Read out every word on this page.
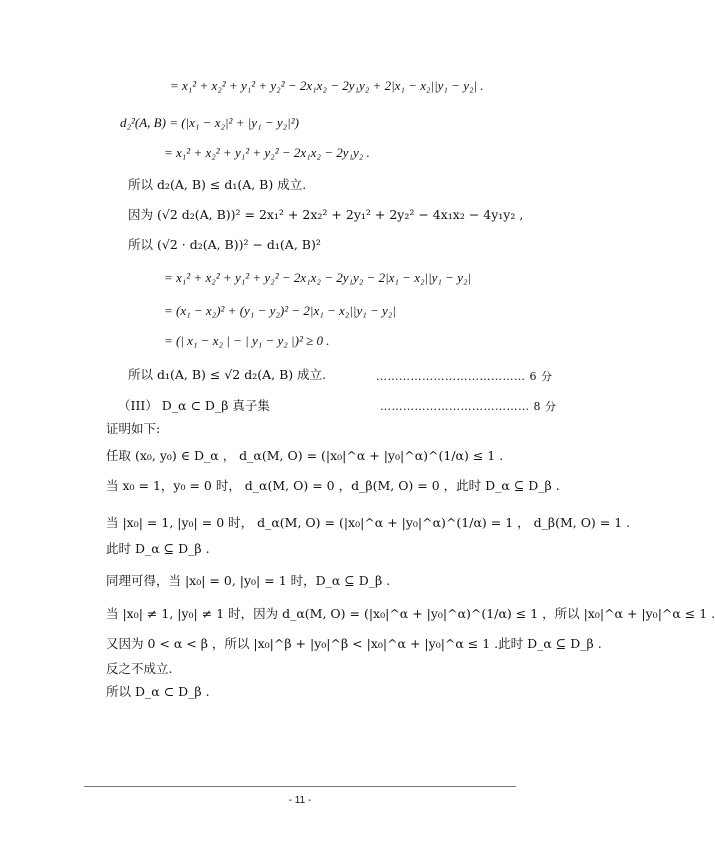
= x₁² + x₂² + y₁² + y₂² − 2x₁x₂ − 2y₁y₂ + 2|x₁ − x₂||y₁ − y₂| .
d₂²(A, B) = (|x₁ − x₂|² + |y₁ − y₂|²)
= x₁² + x₂² + y₁² + y₂² − 2x₁x₂ − 2y₁y₂ .
所以 d₂(A, B) ≤ d₁(A, B) 成立.
因为 (√2 d₂(A, B))² = 2x₁² + 2x₂² + 2y₁² + 2y₂² − 4x₁x₂ − 4y₁y₂ ,
所以 (√2 · d₂(A, B))² − d₁(A, B)²
= x₁² + x₂² + y₁² + y₂² − 2x₁x₂ − 2y₁y₂ − 2|x₁ − x₂||y₁ − y₂|
= (x₁ − x₂)² + (y₁ − y₂)² − 2|x₁ − x₂||y₁ − y₂|
= (| x₁ − x₂ | − | y₁ − y₂ |)² ≥ 0 .
所以 d₁(A, B) ≤ √2 d₂(A, B) 成立.	………………………………… 6 分
（III） D_α ⊂ D_β 真子集	………………………………… 8 分
证明如下:
任取 (x₀, y₀) ∈ D_α ， d_α(M, O) = (|x₀|^α + |y₀|^α)^(1/α) ≤ 1 .
当 x₀ = 1，y₀ = 0 时， d_α(M, O) = 0 ，d_β(M, O) = 0 ，此时 D_α ⊆ D_β .
当 |x₀| = 1, |y₀| = 0 时， d_α(M, O) = (|x₀|^α + |y₀|^α)^(1/α) = 1 ， d_β(M, O) = 1 .
此时 D_α ⊆ D_β .
同理可得，当 |x₀| = 0, |y₀| = 1 时，D_α ⊆ D_β .
当 |x₀| ≠ 1, |y₀| ≠ 1 时，因为 d_α(M, O) = (|x₀|^α + |y₀|^α)^(1/α) ≤ 1 ，所以 |x₀|^α + |y₀|^α ≤ 1 .
又因为 0 < α < β ，所以 |x₀|^β + |y₀|^β < |x₀|^α + |y₀|^α ≤ 1 .此时 D_α ⊆ D_β .
反之不成立.
所以 D_α ⊂ D_β .
- 11 -
